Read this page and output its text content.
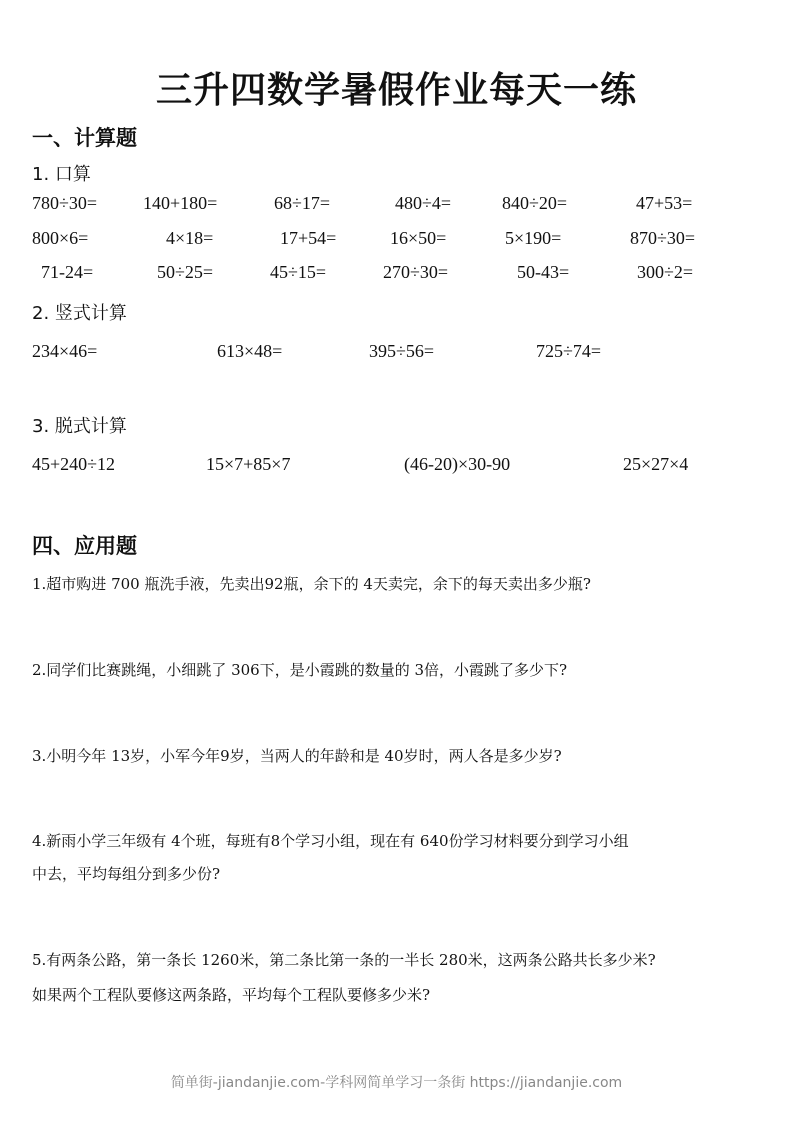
三升四数学暑假作业每天一练
一、计算题
1. 口算
780÷30=	140+180=	68÷17=	480÷4=	840÷20=	47+53=
800×6=	4×18=	17+54=	16×50=	5×190=	870÷30=
71-24=	50÷25=	45÷15=	270÷30=	50-43=	300÷2=
2. 竖式计算
234×46=	613×48=	395÷56=	725÷74=
3. 脱式计算
45+240÷12	15×7+85×7	(46-20)×30-90	25×27×4
四、应用题
1.超市购进 700 瓶洗手液，先卖出92瓶，余下的 4天卖完，余下的每天卖出多少瓶?
2.同学们比赛跳绳，小细跳了 306下，是小霞跳的数量的 3倍，小霞跳了多少下?
3.小明今年 13岁，小军今年9岁，当两人的年龄和是 40岁时，两人各是多少岁?
4.新雨小学三年级有 4个班，每班有8个学习小组，现在有 640份学习材料要分到学习小组
中去，平均每组分到多少份?
5.有两条公路，第一条长 1260米，第二条比第一条的一半长 280米，这两条公路共长多少米?
如果两个工程队要修这两条路，平均每个工程队要修多少米?
简单街-jiandanjie.com-学科网简单学习一条街 https://jiandanjie.com
